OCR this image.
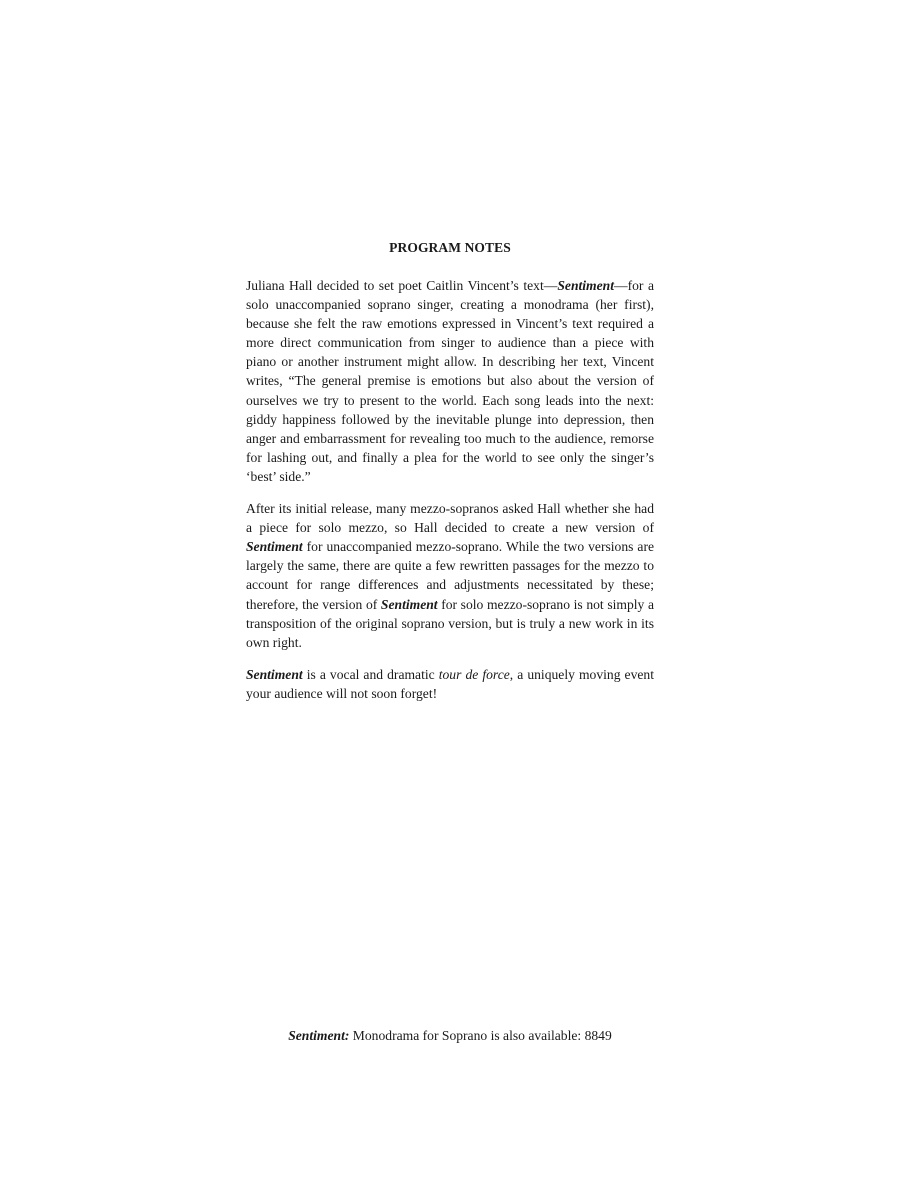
PROGRAM NOTES

Juliana Hall decided to set poet Caitlin Vincent’s text—Sentiment—for a solo unaccompanied soprano singer, creating a monodrama (her first), because she felt the raw emotions expressed in Vincent’s text required a more direct communication from singer to audience than a piece with piano or another instrument might allow. In describing her text, Vincent writes, “The general premise is emotions but also about the version of ourselves we try to present to the world. Each song leads into the next: giddy happiness followed by the inevitable plunge into depression, then anger and embarrassment for revealing too much to the audience, remorse for lashing out, and finally a plea for the world to see only the singer’s ‘best’ side.”

After its initial release, many mezzo-sopranos asked Hall whether she had a piece for solo mezzo, so Hall decided to create a new version of Sentiment for unaccompanied mezzo-soprano. While the two versions are largely the same, there are quite a few rewritten passages for the mezzo to account for range differences and adjustments necessitated by these; therefore, the version of Sentiment for solo mezzo-soprano is not simply a transposition of the original soprano version, but is truly a new work in its own right.

Sentiment is a vocal and dramatic tour de force, a uniquely moving event your audience will not soon forget!

Sentiment: Monodrama for Soprano is also available: 8849
